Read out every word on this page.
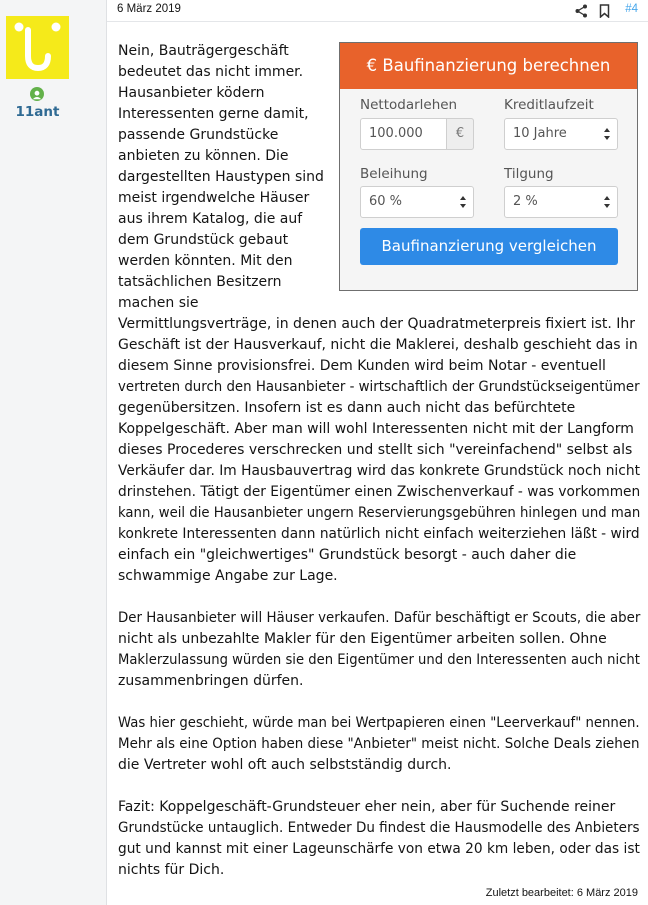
11ant
6 März 2019	#4
€ Baufinanzierung berechnen
Nettodarlehen
100.000	€
Kreditlaufzeit
10 Jahre
Beleihung
60 %
Tilgung
2 %
Baufinanzierung vergleichen
Nein, Bauträgergeschäft
bedeutet das nicht immer.
Hausanbieter ködern
Interessenten gerne damit,
passende Grundstücke
anbieten zu können. Die
dargestellten Haustypen sind
meist irgendwelche Häuser
aus ihrem Katalog, die auf
dem Grundstück gebaut
werden könnten. Mit den
tatsächlichen Besitzern
machen sie
Vermittlungsverträge, in denen auch der Quadratmeterpreis fixiert ist. Ihr
Geschäft ist der Hausverkauf, nicht die Maklerei, deshalb geschieht das in
diesem Sinne provisionsfrei. Dem Kunden wird beim Notar - eventuell
vertreten durch den Hausanbieter - wirtschaftlich der Grundstückseigentümer
gegenübersitzen. Insofern ist es dann auch nicht das befürchtete
Koppelgeschäft. Aber man will wohl Interessenten nicht mit der Langform
dieses Procederes verschrecken und stellt sich "vereinfachend" selbst als
Verkäufer dar. Im Hausbauvertrag wird das konkrete Grundstück noch nicht
drinstehen. Tätigt der Eigentümer einen Zwischenverkauf - was vorkommen
kann, weil die Hausanbieter ungern Reservierungsgebühren hinlegen und man
konkrete Interessenten dann natürlich nicht einfach weiterziehen läßt - wird
einfach ein "gleichwertiges" Grundstück besorgt - auch daher die
schwammige Angabe zur Lage.
Der Hausanbieter will Häuser verkaufen. Dafür beschäftigt er Scouts, die aber
nicht als unbezahlte Makler für den Eigentümer arbeiten sollen. Ohne
Maklerzulassung würden sie den Eigentümer und den Interessenten auch nicht
zusammenbringen dürfen.
Was hier geschieht, würde man bei Wertpapieren einen "Leerverkauf" nennen.
Mehr als eine Option haben diese "Anbieter" meist nicht. Solche Deals ziehen
die Vertreter wohl oft auch selbstständig durch.
Fazit: Koppelgeschäft-Grundsteuer eher nein, aber für Suchende reiner
Grundstücke untauglich. Entweder Du findest die Hausmodelle des Anbieters
gut und kannst mit einer Lageunschärfe von etwa 20 km leben, oder das ist
nichts für Dich.
Zuletzt bearbeitet: 6 März 2019
